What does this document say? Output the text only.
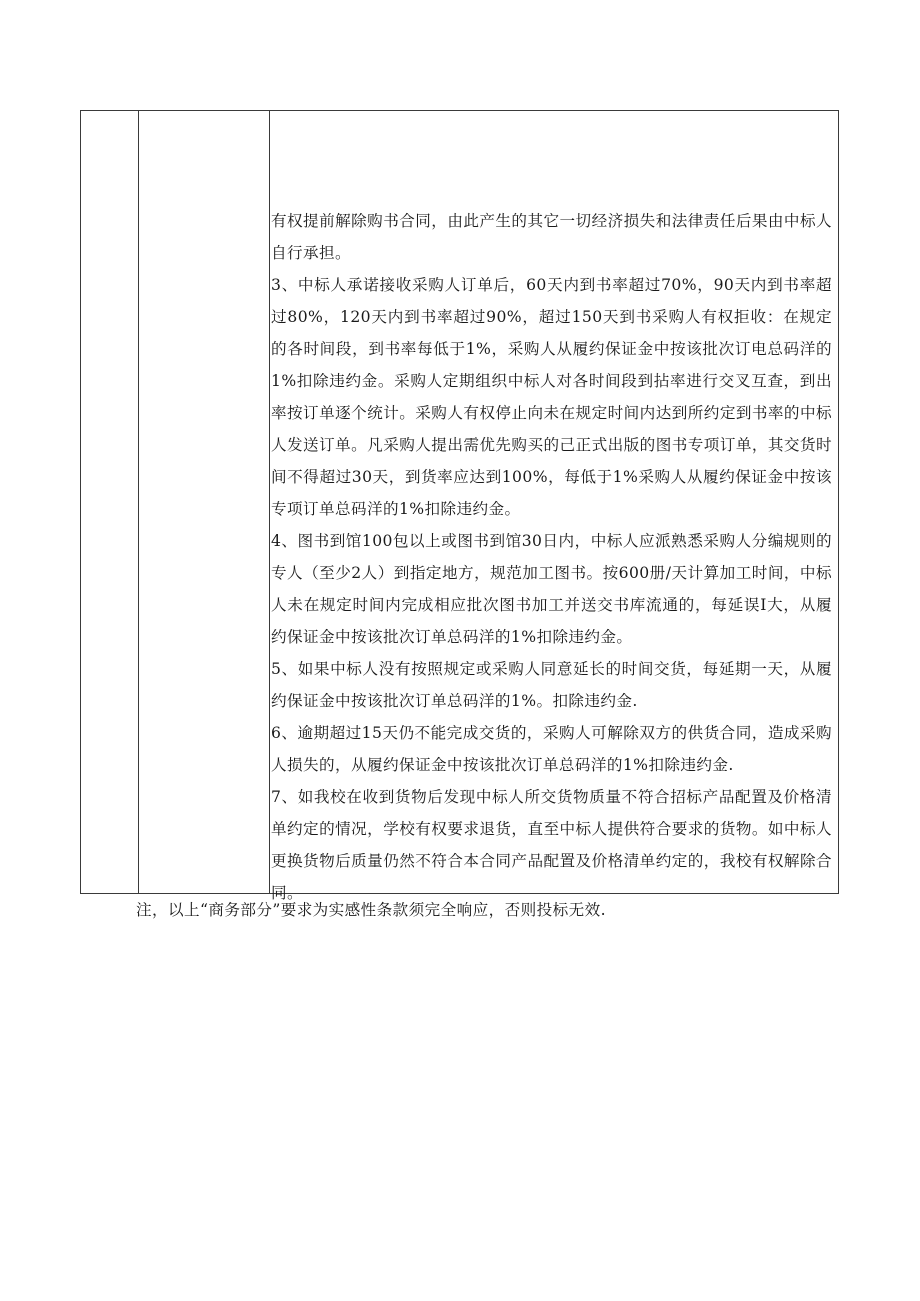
有权提前解除购书合同，由此产生的其它一切经济损失和法律责任后果由中标人自行承担。

3、中标人承诺接收采购人订单后，60天内到书率超过70%，90天内到书率超过80%，120天内到书率超过90%，超过150天到书采购人有权拒收：在规定的各时间段，到书率每低于1%，采购人从履约保证金中按该批次订电总码洋的1%扣除违约金。采购人定期组织中标人对各时间段到拈率进行交叉互查，到出率按订单逐个统计。采购人有权停止向未在规定时间内达到所约定到书率的中标人发送订单。凡采购人提出需优先购买的己正式出版的图书专项订单，其交货时间不得超过30天，到货率应达到100%，每低于1%采购人从履约保证金中按该专项订单总码洋的1%扣除违约金。

4、图书到馆100包以上或图书到馆30日内，中标人应派熟悉采购人分编规则的专人（至少2人）到指定地方，规范加工图书。按600册/天计算加工时间，中标人未在规定时间内完成相应批次图书加工并送交书库流通的，每延误I大，从履约保证金中按该批次订单总码洋的1%扣除违约金。

5、如果中标人没有按照规定或采购人同意延长的时间交货，每延期一天，从履约保证金中按该批次订单总码洋的1%。扣除违约金.

6、逾期超过15天仍不能完成交货的，采购人可解除双方的供货合同，造成采购人损失的，从履约保证金中按该批次订单总码洋的1%扣除违约金.

7、如我校在收到货物后发现中标人所交货物质量不符合招标产品配置及价格清单约定的情况，学校有权要求退货，直至中标人提供符合要求的货物。如中标人更换货物后质量仍然不符合本合同产品配置及价格清单约定的，我校有权解除合同。

注，以上“商务部分”要求为实感性条款须完全响应，否则投标无效.
